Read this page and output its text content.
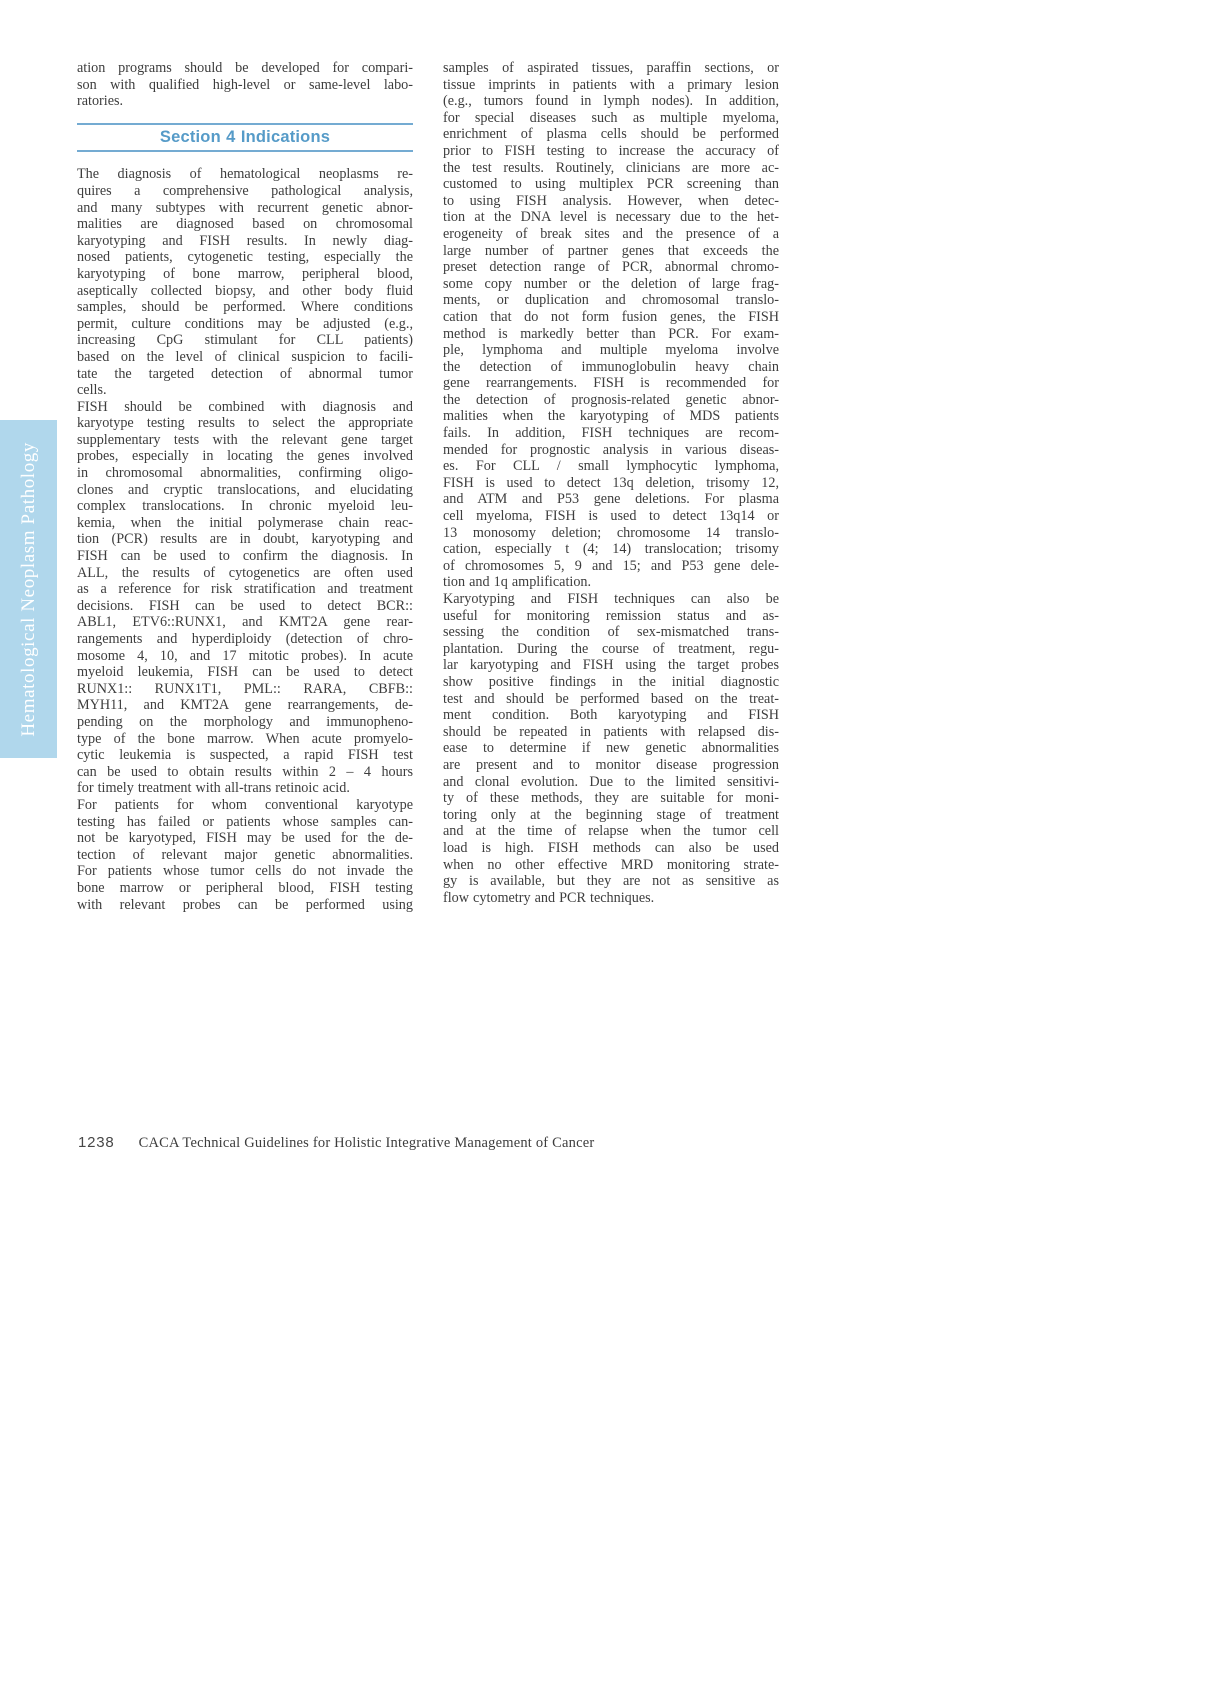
Hematological Neoplasm Pathology
ation programs should be developed for compari-
son with qualified high-level or same-level labo-
ratories.
Section 4 Indications
The diagnosis of hematological neoplasms re-
quires a comprehensive pathological analysis,
and many subtypes with recurrent genetic abnor-
malities are diagnosed based on chromosomal
karyotyping and FISH results. In newly diag-
nosed patients, cytogenetic testing, especially the
karyotyping of bone marrow, peripheral blood,
aseptically collected biopsy, and other body fluid
samples, should be performed. Where conditions
permit, culture conditions may be adjusted (e.g.,
increasing CpG stimulant for CLL patients)
based on the level of clinical suspicion to facili-
tate the targeted detection of abnormal tumor
cells.
FISH should be combined with diagnosis and
karyotype testing results to select the appropriate
supplementary tests with the relevant gene target
probes, especially in locating the genes involved
in chromosomal abnormalities, confirming oligo-
clones and cryptic translocations, and elucidating
complex translocations. In chronic myeloid leu-
kemia, when the initial polymerase chain reac-
tion (PCR) results are in doubt, karyotyping and
FISH can be used to confirm the diagnosis. In
ALL, the results of cytogenetics are often used
as a reference for risk stratification and treatment
decisions. FISH can be used to detect BCR::
ABL1, ETV6::RUNX1, and KMT2A gene rear-
rangements and hyperdiploidy (detection of chro-
mosome 4, 10, and 17 mitotic probes). In acute
myeloid leukemia, FISH can be used to detect
RUNX1:: RUNX1T1, PML:: RARA, CBFB::
MYH11, and KMT2A gene rearrangements, de-
pending on the morphology and immunopheno-
type of the bone marrow. When acute promyelo-
cytic leukemia is suspected, a rapid FISH test
can be used to obtain results within 2 – 4 hours
for timely treatment with all-trans retinoic acid.
For patients for whom conventional karyotype
testing has failed or patients whose samples can-
not be karyotyped, FISH may be used for the de-
tection of relevant major genetic abnormalities.
For patients whose tumor cells do not invade the
bone marrow or peripheral blood, FISH testing
with relevant probes can be performed using
samples of aspirated tissues, paraffin sections, or
tissue imprints in patients with a primary lesion
(e.g., tumors found in lymph nodes). In addition,
for special diseases such as multiple myeloma,
enrichment of plasma cells should be performed
prior to FISH testing to increase the accuracy of
the test results. Routinely, clinicians are more ac-
customed to using multiplex PCR screening than
to using FISH analysis. However, when detec-
tion at the DNA level is necessary due to the het-
erogeneity of break sites and the presence of a
large number of partner genes that exceeds the
preset detection range of PCR, abnormal chromo-
some copy number or the deletion of large frag-
ments, or duplication and chromosomal translo-
cation that do not form fusion genes, the FISH
method is markedly better than PCR. For exam-
ple, lymphoma and multiple myeloma involve
the detection of immunoglobulin heavy chain
gene rearrangements. FISH is recommended for
the detection of prognosis-related genetic abnor-
malities when the karyotyping of MDS patients
fails. In addition, FISH techniques are recom-
mended for prognostic analysis in various diseas-
es. For CLL / small lymphocytic lymphoma,
FISH is used to detect 13q deletion, trisomy 12,
and ATM and P53 gene deletions. For plasma
cell myeloma, FISH is used to detect 13q14 or
13 monosomy deletion; chromosome 14 translo-
cation, especially t (4; 14) translocation; trisomy
of chromosomes 5, 9 and 15; and P53 gene dele-
tion and 1q amplification.
Karyotyping and FISH techniques can also be
useful for monitoring remission status and as-
sessing the condition of sex-mismatched trans-
plantation. During the course of treatment, regu-
lar karyotyping and FISH using the target probes
show positive findings in the initial diagnostic
test and should be performed based on the treat-
ment condition. Both karyotyping and FISH
should be repeated in patients with relapsed dis-
ease to determine if new genetic abnormalities
are present and to monitor disease progression
and clonal evolution. Due to the limited sensitivi-
ty of these methods, they are suitable for moni-
toring only at the beginning stage of treatment
and at the time of relapse when the tumor cell
load is high. FISH methods can also be used
when no other effective MRD monitoring strate-
gy is available, but they are not as sensitive as
flow cytometry and PCR techniques.
1238 CACA Technical Guidelines for Holistic Integrative Management of Cancer
